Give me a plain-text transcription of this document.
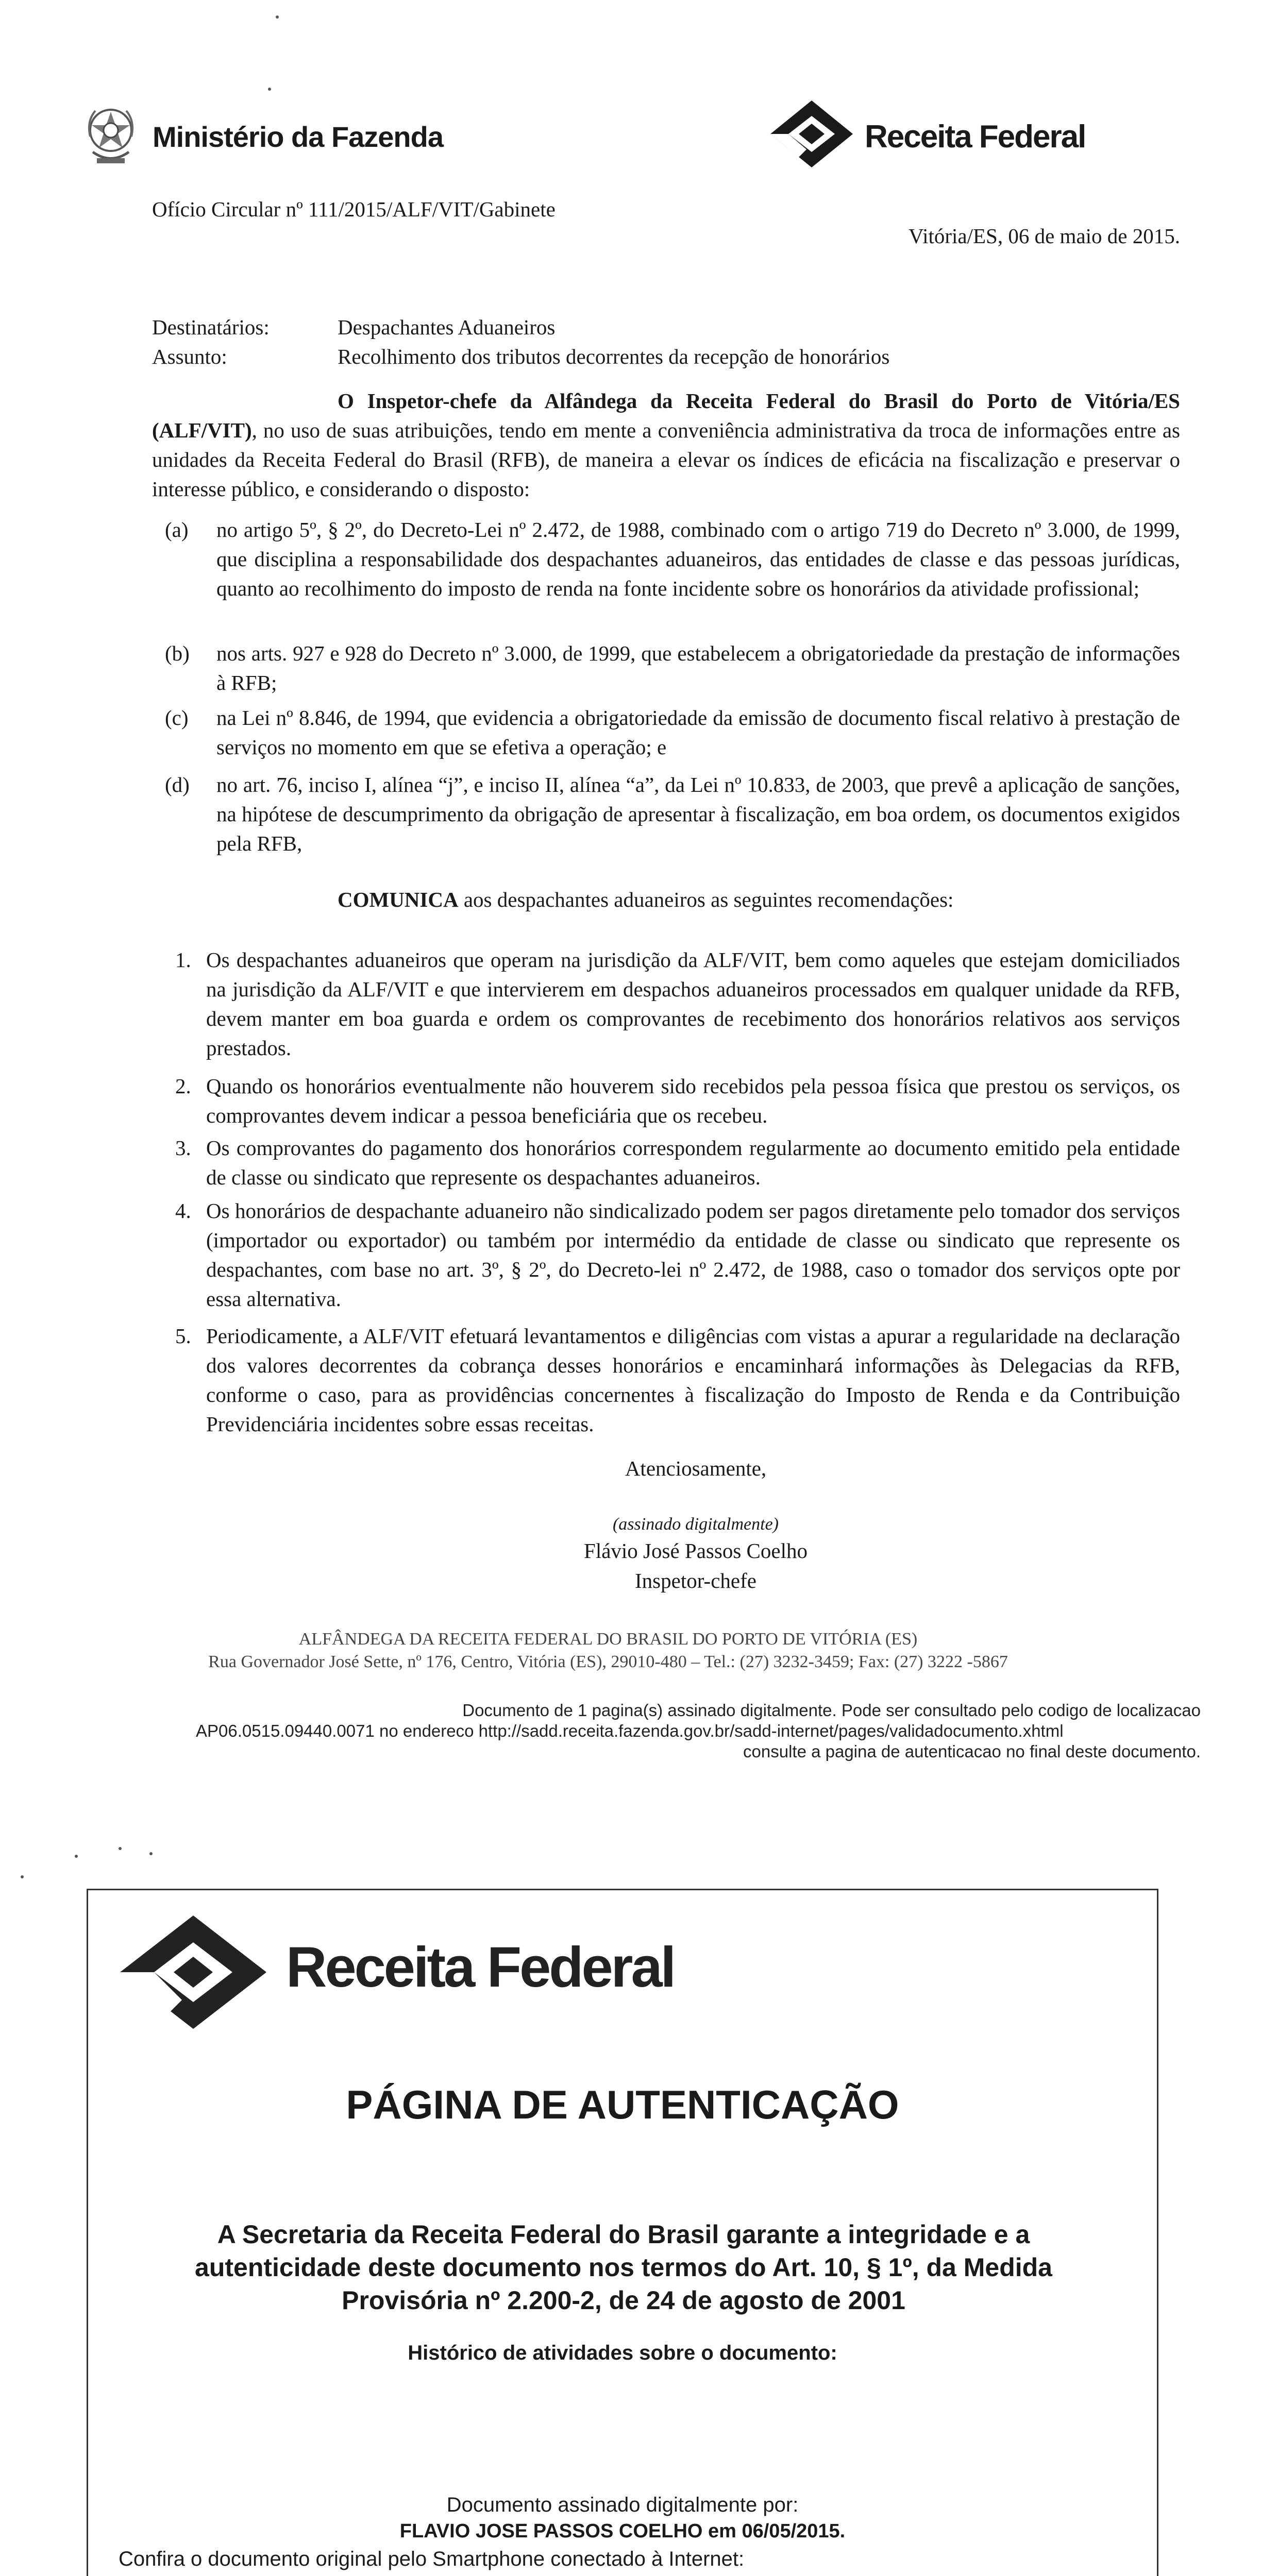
Ministério da Fazenda	Receita Federal
Ofício Circular nº 111/2015/ALF/VIT/Gabinete
Vitória/ES, 06 de maio de 2015.
Destinatários:	Despachantes Aduaneiros
Assunto:	Recolhimento dos tributos decorrentes da recepção de honorários
O Inspetor-chefe da Alfândega da Receita Federal do Brasil do Porto de Vitória/ES (ALF/VIT), no uso de suas atribuições, tendo em mente a conveniência administrativa da troca de informações entre as unidades da Receita Federal do Brasil (RFB), de maneira a elevar os índices de eficácia na fiscalização e preservar o interesse público, e considerando o disposto:
(a)	no artigo 5º, § 2º, do Decreto-Lei nº 2.472, de 1988, combinado com o artigo 719 do Decreto nº 3.000, de 1999, que disciplina a responsabilidade dos despachantes aduaneiros, das entidades de classe e das pessoas jurídicas, quanto ao recolhimento do imposto de renda na fonte incidente sobre os honorários da atividade profissional;
(b)	nos arts. 927 e 928 do Decreto nº 3.000, de 1999, que estabelecem a obrigatoriedade da prestação de informações à RFB;
(c)	na Lei nº 8.846, de 1994, que evidencia a obrigatoriedade da emissão de documento fiscal relativo à prestação de serviços no momento em que se efetiva a operação; e
(d)	no art. 76, inciso I, alínea “j”, e inciso II, alínea “a”, da Lei nº 10.833, de 2003, que prevê a aplicação de sanções, na hipótese de descumprimento da obrigação de apresentar à fiscalização, em boa ordem, os documentos exigidos pela RFB,
COMUNICA aos despachantes aduaneiros as seguintes recomendações:
1. Os despachantes aduaneiros que operam na jurisdição da ALF/VIT, bem como aqueles que estejam domiciliados na jurisdição da ALF/VIT e que intervierem em despachos aduaneiros processados em qualquer unidade da RFB, devem manter em boa guarda e ordem os comprovantes de recebimento dos honorários relativos aos serviços prestados.
2. Quando os honorários eventualmente não houverem sido recebidos pela pessoa física que prestou os serviços, os comprovantes devem indicar a pessoa beneficiária que os recebeu.
3. Os comprovantes do pagamento dos honorários correspondem regularmente ao documento emitido pela entidade de classe ou sindicato que represente os despachantes aduaneiros.
4. Os honorários de despachante aduaneiro não sindicalizado podem ser pagos diretamente pelo tomador dos serviços (importador ou exportador) ou também por intermédio da entidade de classe ou sindicato que represente os despachantes, com base no art. 3º, § 2º, do Decreto-lei nº 2.472, de 1988, caso o tomador dos serviços opte por essa alternativa.
5. Periodicamente, a ALF/VIT efetuará levantamentos e diligências com vistas a apurar a regularidade na declaração dos valores decorrentes da cobrança desses honorários e encaminhará informações às Delegacias da RFB, conforme o caso, para as providências concernentes à fiscalização do Imposto de Renda e da Contribuição Previdenciária incidentes sobre essas receitas.
Atenciosamente,
(assinado digitalmente)
Flávio José Passos Coelho
Inspetor-chefe
ALFÂNDEGA DA RECEITA FEDERAL DO BRASIL DO PORTO DE VITÓRIA (ES)
Rua Governador José Sette, nº 176, Centro, Vitória (ES), 29010-480 – Tel.: (27) 3232-3459; Fax: (27) 3222 -5867
Documento de 1 pagina(s) assinado digitalmente. Pode ser consultado pelo codigo de localizacao
AP06.0515.09440.0071 no endereco http://sadd.receita.fazenda.gov.br/sadd-internet/pages/validadocumento.xhtml
consulte a pagina de autenticacao no final deste documento.
Receita Federal
PÁGINA DE AUTENTICAÇÃO
A Secretaria da Receita Federal do Brasil garante a integridade e a autenticidade deste documento nos termos do Art. 10, § 1º, da Medida Provisória nº 2.200-2, de 24 de agosto de 2001
Histórico de atividades sobre o documento:
Documento assinado digitalmente por:
FLAVIO JOSE PASSOS COELHO em 06/05/2015.
Confira o documento original pelo Smartphone conectado à Internet:
